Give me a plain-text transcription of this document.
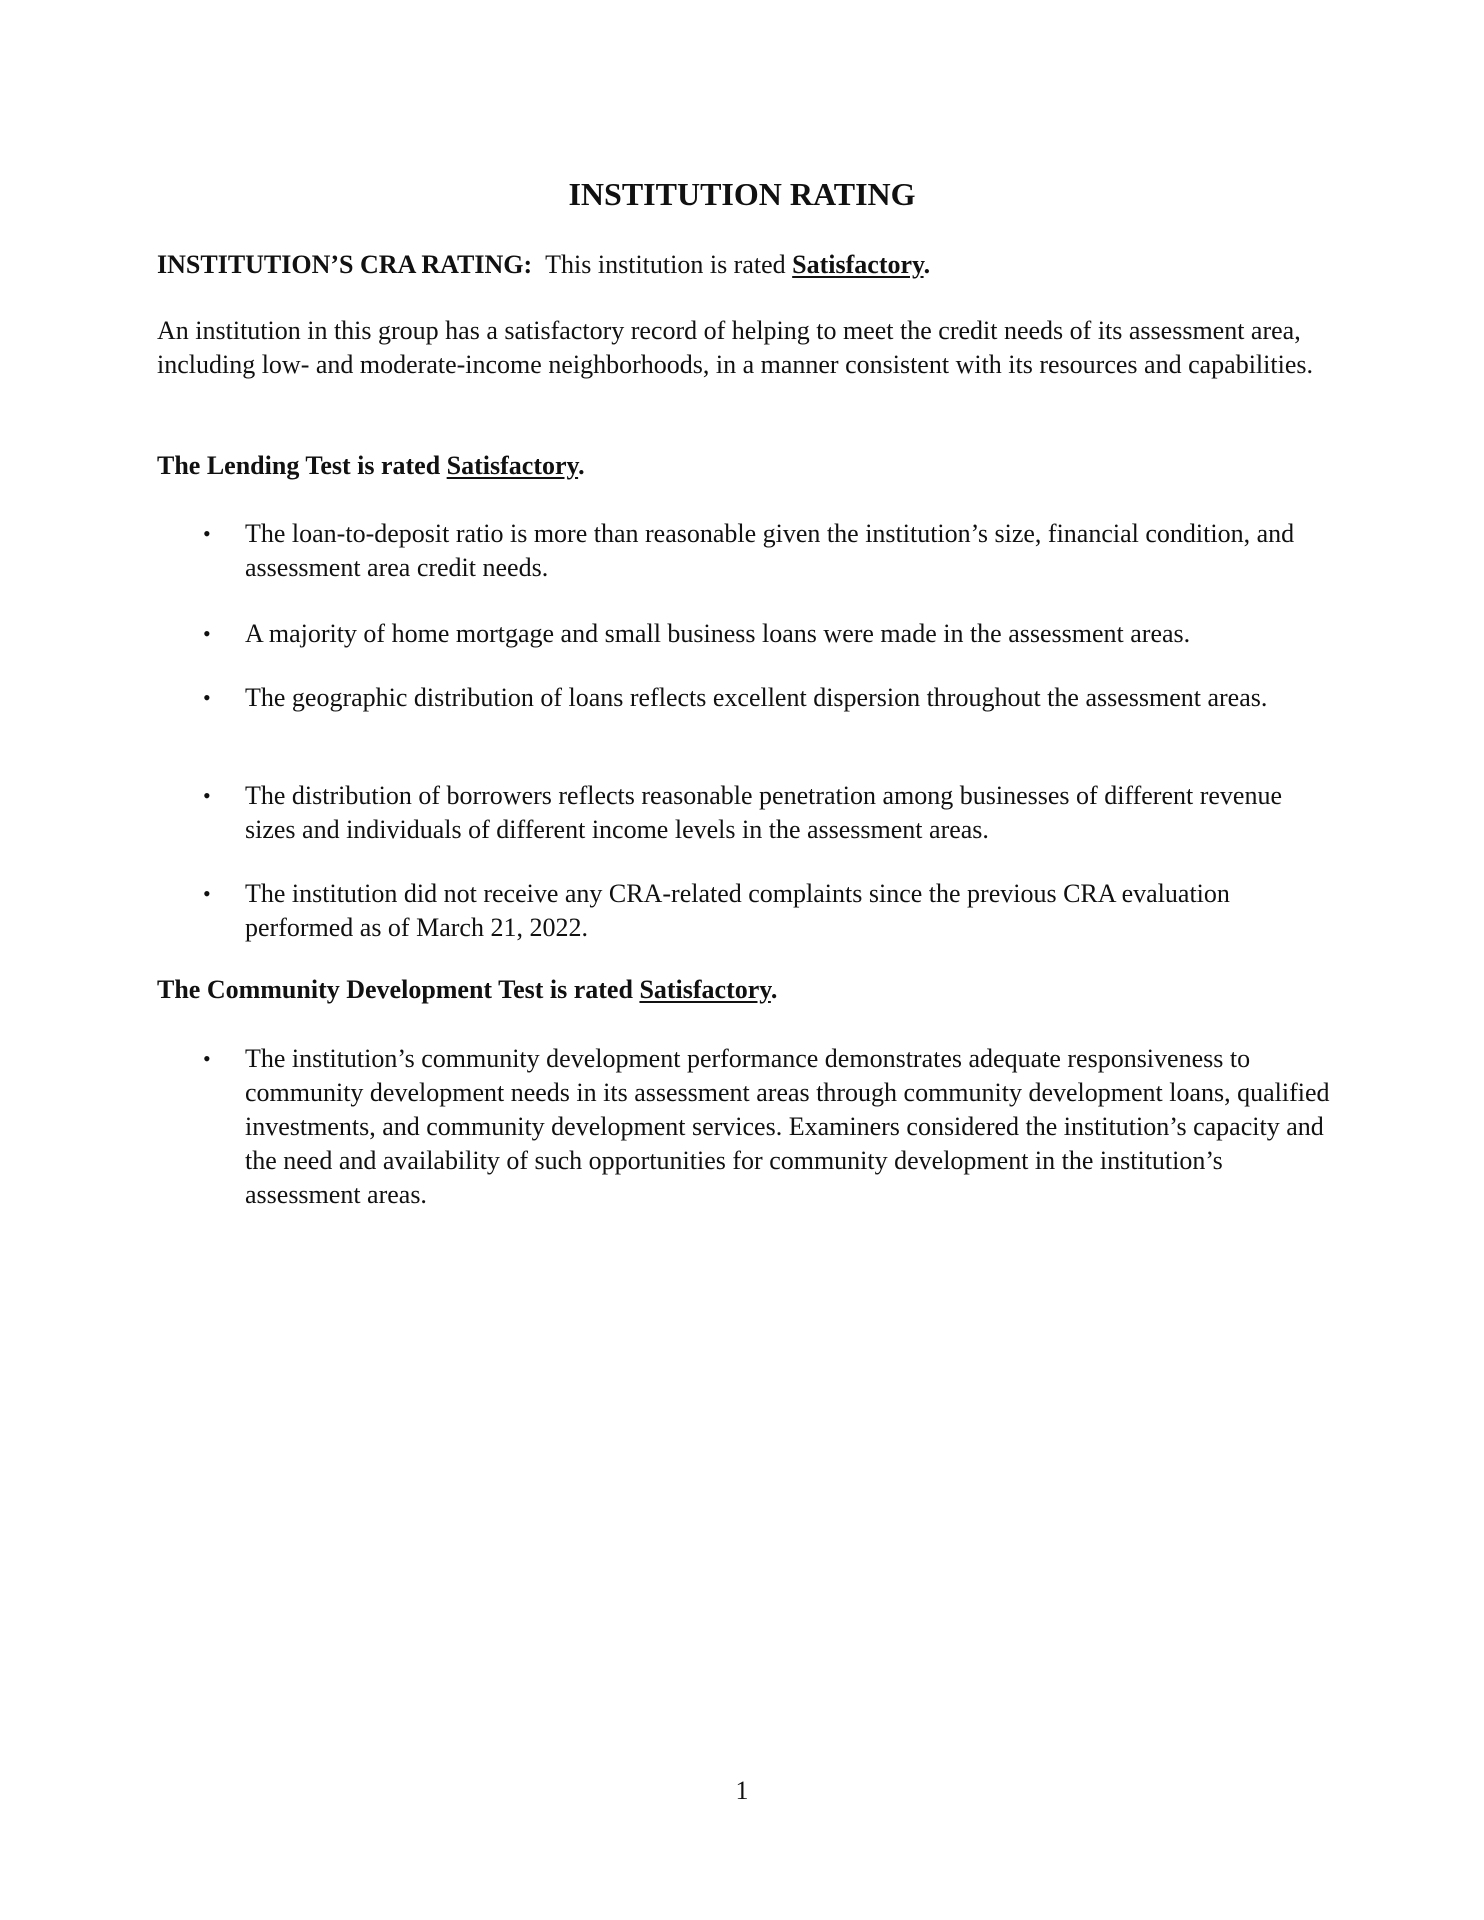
INSTITUTION RATING

INSTITUTION’S CRA RATING: This institution is rated Satisfactory.

An institution in this group has a satisfactory record of helping to meet the credit needs of its assessment area, including low- and moderate-income neighborhoods, in a manner consistent with its resources and capabilities.

The Lending Test is rated Satisfactory.

•	The loan-to-deposit ratio is more than reasonable given the institution’s size, financial condition, and assessment area credit needs.
•	A majority of home mortgage and small business loans were made in the assessment areas.
•	The geographic distribution of loans reflects excellent dispersion throughout the assessment areas.
•	The distribution of borrowers reflects reasonable penetration among businesses of different revenue sizes and individuals of different income levels in the assessment areas.
•	The institution did not receive any CRA-related complaints since the previous CRA evaluation performed as of March 21, 2022.

The Community Development Test is rated Satisfactory.

•	The institution’s community development performance demonstrates adequate responsiveness to community development needs in its assessment areas through community development loans, qualified investments, and community development services. Examiners considered the institution’s capacity and the need and availability of such opportunities for community development in the institution’s assessment areas.

1
